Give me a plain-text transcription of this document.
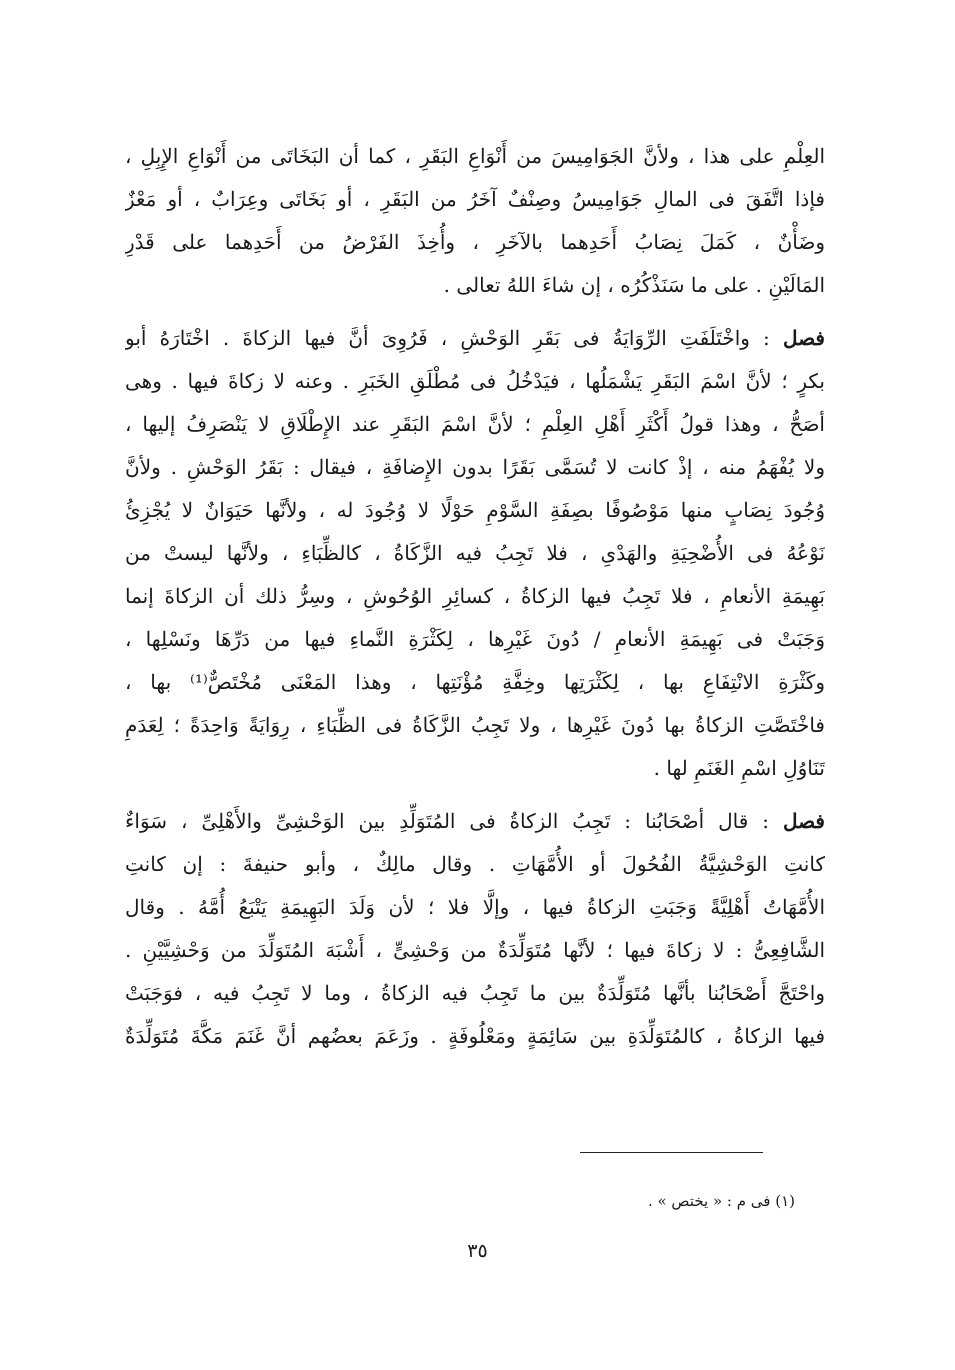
العِلْمِ على هذا ، ولأنَّ الجَوَامِيسَ من أَنْوَاعِ البَقَرِ ، كما أن البَخَاتَى من أَنْوَاعِ الإِبِلِ ،
فإذا اتَّفَقَ فى المالِ جَوَامِيسُ وصِنْفٌ آخَرُ من البَقَرِ ، أو بَخَاتَى وعِرَابٌ ، أو مَعْزٌ
وضَأْنٌ ، كَمَلَ نِصَابُ أَحَدِهما بالآخَرِ ، وأُخِذَ الفَرْضُ من أَحَدِهما على قَدْرِ
المَالَيْنِ . على ما سَنَذْكُرُه ، إن شاءَ اللهُ تعالى .
فصل : واخْتَلَفَتِ الرِّوَايَةُ فى بَقَرِ الوَحْشِ ، فَرُوِىَ أنَّ فيها الزكاةَ . اخْتَارَهُ أبو
بكرٍ ؛ لأنَّ اسْمَ البَقَرِ يَشْمَلُها ، فيَدْخُلُ فى مُطْلَقِ الخَبَرِ . وعنه لا زكاةَ فيها . وهى
أصَحُّ ، وهذا قولُ أَكْثَرِ أَهْلِ العِلْمِ ؛ لأنَّ اسْمَ البَقَرِ عند الإِطْلَاقِ لا يَنْصَرِفُ إليها ،
ولا يُفْهَمُ منه ، إذْ كانت لا تُسَمَّى بَقَرًا بدون الإِضافَةِ ، فيقال : بَقَرُ الوَحْشِ . ولأنَّ
وُجُودَ نِصَابٍ منها مَوْصُوفًا بصِفَةِ السَّوْمِ حَوْلًا لا وُجُودَ له ، ولأنَّها حَيَوَانٌ لا يُجْزِئُ
نَوْعُهُ فى الأُضْحِيَةِ والهَدْىِ ، فلا تَجِبُ فيه الزَّكَاةُ ، كالظِّبَاءِ ، ولأنَّها ليستْ من
بَهِيمَةِ الأنعامِ ، فلا تَجِبُ فيها الزكاةُ ، كسائِرِ الوُحُوشِ ، وسِرُّ ذلك أن الزكاةَ إنما
وَجَبَتْ فى بَهِيمَةِ الأنعامِ / دُونَ غَيْرِها ، لِكَثْرَةِ النَّماءِ فيها من دَرِّهَا ونَسْلِها ،
وكَثْرَةِ الانْتِفَاعِ بها ، لِكَثْرَتِها وخِفَّةِ مُؤْنَتِها ، وهذا المَعْنَى مُخْتَصٌّ⁽¹⁾ بها ،
فاخْتَصَّتِ الزكاةُ بها دُونَ غَيْرِها ، ولا تَجِبُ الزَّكَاةُ فى الظِّبَاءِ ، رِوَايَةً وَاحِدَةً ؛ لِعَدَمِ
تَنَاوُلِ اسْمِ الغَنَمِ لها .
فصل : قال أصْحَابُنا : تَجِبُ الزكاةُ فى المُتَوَلِّدِ بين الوَحْشِىِّ والأَهْلِىِّ ، سَوَاءٌ
كانتِ الوَحْشِيَّةُ الفُحُولَ أو الأُمَّهَاتِ . وقال مالِكٌ ، وأبو حنيفةَ : إن كانتِ
الأُمَّهَاتُ أَهْلِيَّةً وَجَبَتِ الزكاةُ فيها ، وإلَّا فلا ؛ لأن وَلَدَ البَهِيمَةِ يَتْبَعُ أُمَّهُ . وقال
الشَّافِعِىُّ : لا زكاةَ فيها ؛ لأنَّها مُتَوَلِّدَةٌ من وَحْشِىٍّ ، أَشْبَهَ المُتَوَلِّدَ من وَحْشِيَّيْنِ .
واحْتَجَّ أَصْحَابُنا بأنَّها مُتَوَلِّدَةٌ بين ما تَجِبُ فيه الزكاةُ ، وما لا تَجِبُ فيه ، فوَجَبَتْ
فيها الزكاةُ ، كالمُتَوَلِّدَةِ بين سَائِمَةٍ ومَعْلُوفَةٍ . وزَعَمَ بعضُهم أنَّ غَنَمَ مَكَّةَ مُتَوَلِّدَةٌ
(١) فى م : « يختص » .
٣٥
